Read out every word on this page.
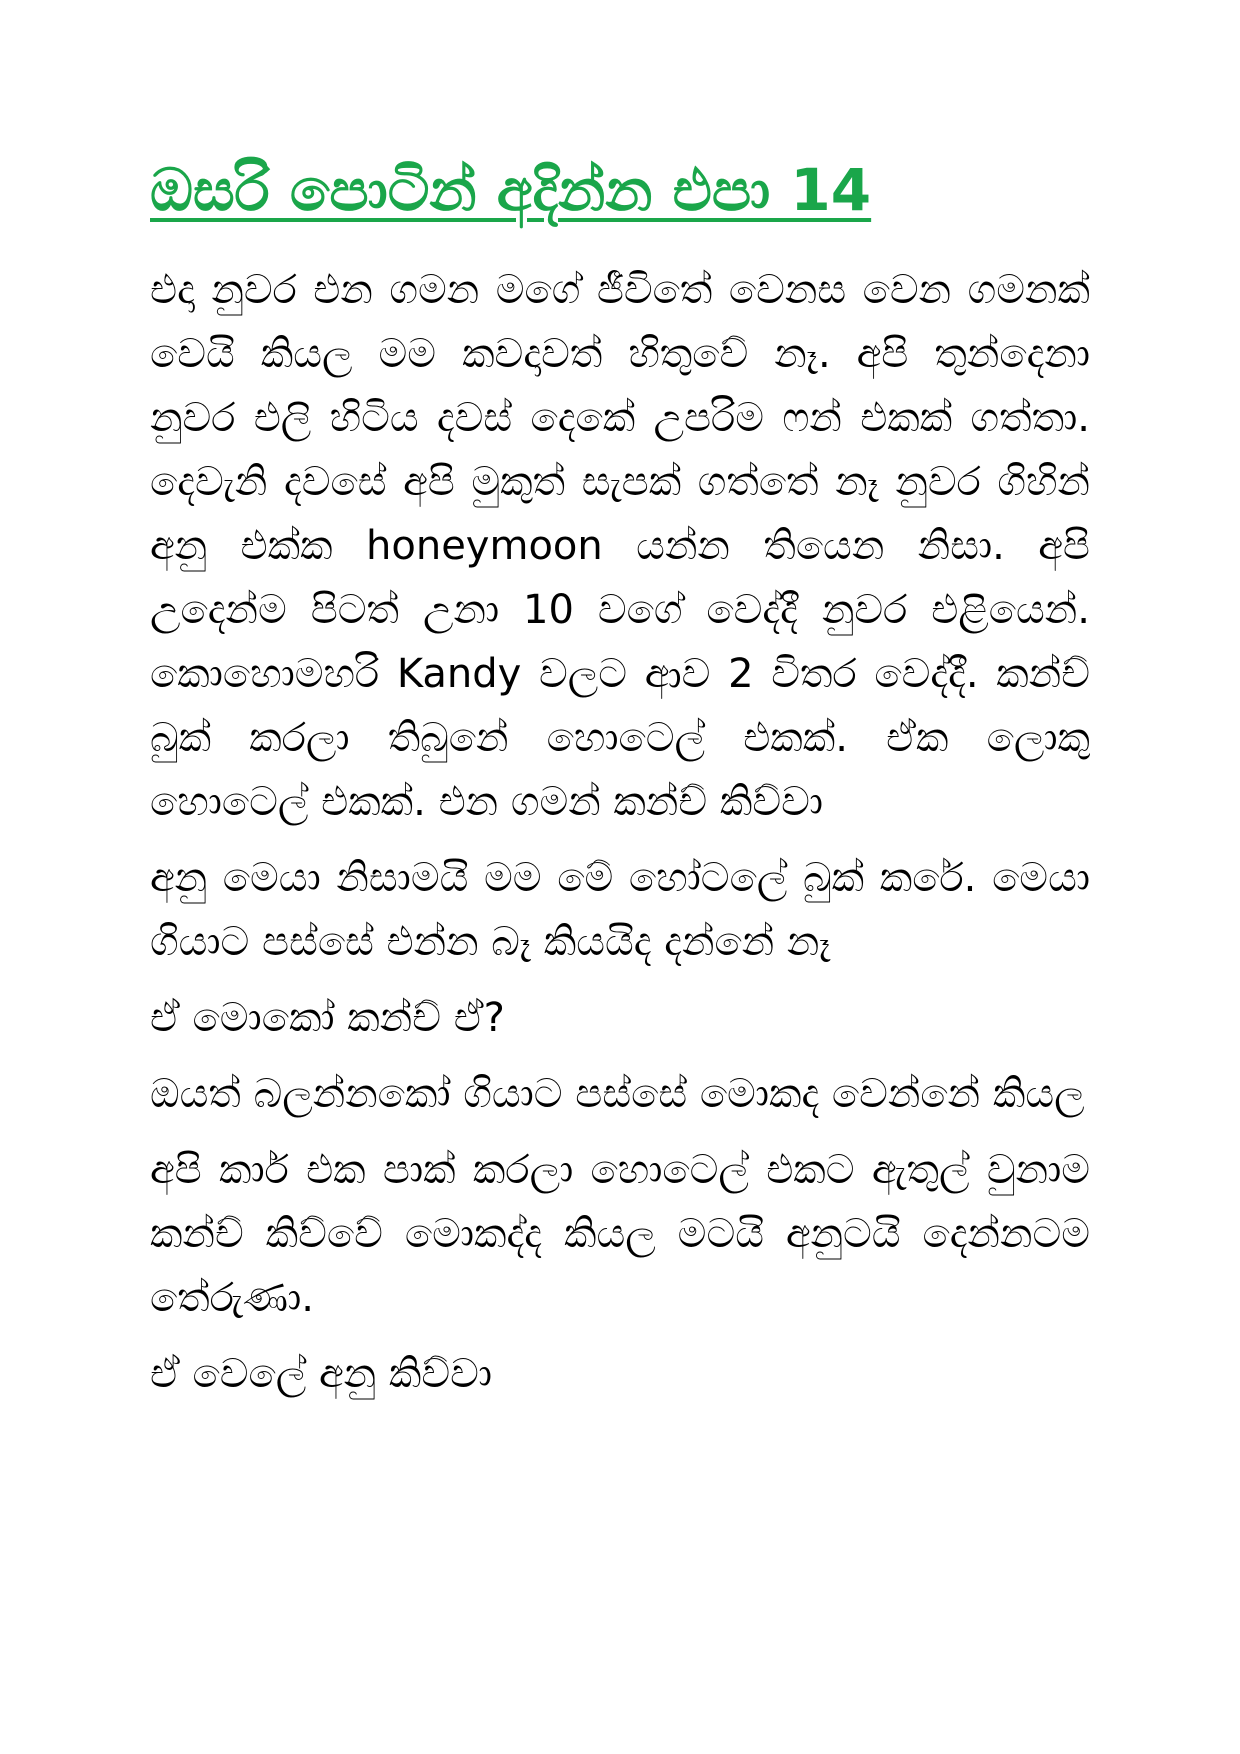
ඔසරි පොටින් අදින්න එපා 14

එදා නුවර එන ගමන මගේ ජීවිතේ වෙනස වෙන ගමනක් වෙයි කියල මම කවදාවත් හිතුවේ නෑ. අපි තුන්දෙනා නුවර එලි හිටිය දවස් දෙකේ උපරිම ෆන් එකක් ගත්තා. දෙවැනි දවසේ අපි මුකුත් සැපක් ගත්තේ නෑ නුවර ගිහින් අනු එක්ක honeymoon යන්න තියෙන නිසා. අපි උදෙන්ම පිටත් උනා 10 වගේ වෙද්දී නුවර එළියෙන්. කොහොමහරි Kandy වලට ආව 2 විතර වෙද්දී. කන්ච් බුක් කරලා තිබුනේ හොටෙල් එකක්. ඒක ලොකු හොටෙල් එකක්. එන ගමන් කන්ච් කිව්වා

අනු මෙයා නිසාමයි මම මේ හෝටලේ බුක් කරේ. මෙයා ගියාට පස්සේ එන්න බෑ කියයිද දන්නේ නෑ

ඒ මොකෝ කන්ච් ඒ?

ඔයත් බලන්නකෝ ගියාට පස්සේ මොකද වෙන්නේ කියල

අපි කාර් එක පාක් කරලා හොටෙල් එකට ඇතුල් වුනාම කන්ච් කිව්වේ මොකද්ද කියල මටයි අනුටයි දෙන්නටම තේරුණා.

ඒ වෙලේ අනු කිව්වා
